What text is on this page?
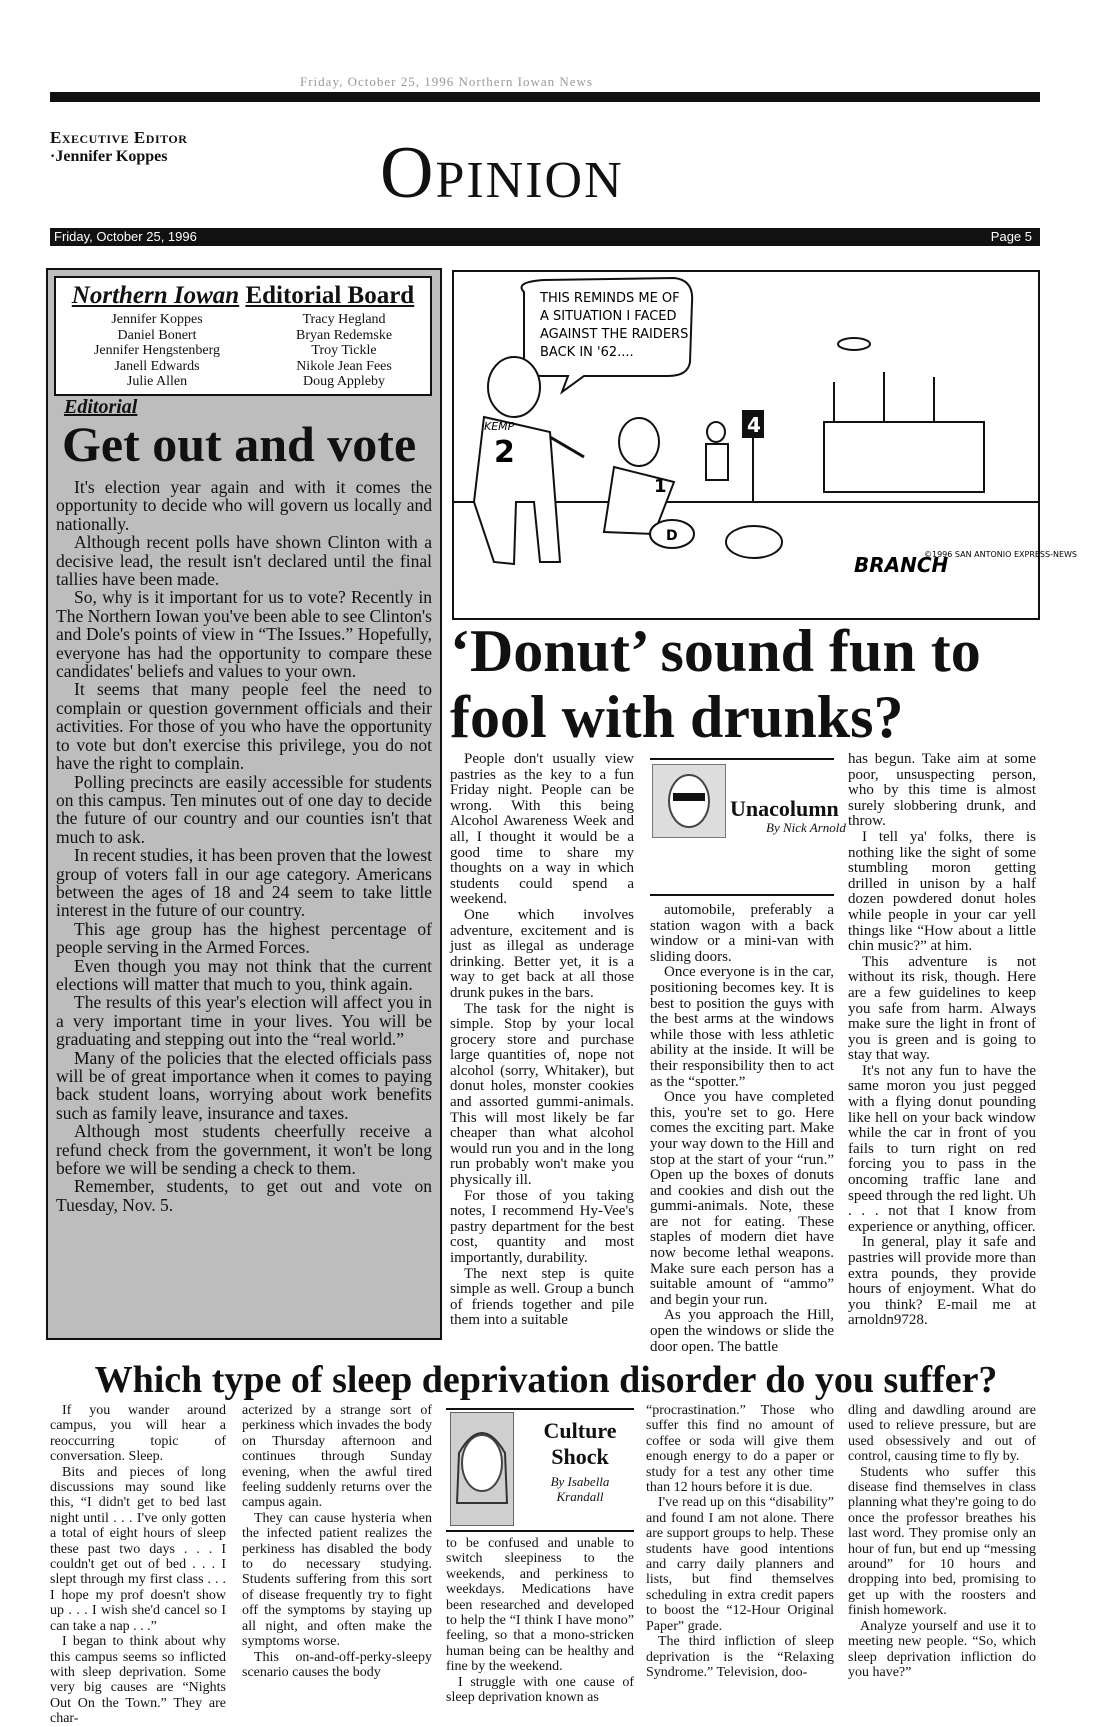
Friday, October 25, 1996 Northern Iowan News
Executive Editor
·Jennifer Koppes	Opinion
Friday, October 25, 1996	Page 5
Northern Iowan Editorial Board
Jennifer Koppes
Daniel Bonert
Jennifer Hengstenberg
Janell Edwards
Julie Allen
Tracy Hegland
Bryan Redemske
Troy Tickle
Nikole Jean Fees
Doug Appleby
Editorial
Get out and vote

It's election year again and with it comes the opportunity to decide who will govern us locally and nationally.

Although recent polls have shown Clinton with a decisive lead, the result isn't declared until the final tallies have been made.

So, why is it important for us to vote? Recently in The Northern Iowan you've been able to see Clinton's and Dole's points of view in “The Issues.” Hopefully, everyone has had the opportunity to compare these candidates' beliefs and values to your own.

It seems that many people feel the need to complain or question government officials and their activities. For those of you who have the opportunity to vote but don't exercise this privilege, you do not have the right to complain.

Polling precincts are easily accessible for students on this campus. Ten minutes out of one day to decide the future of our country and our counties isn't that much to ask.

In recent studies, it has been proven that the lowest group of voters fall in our age category. Americans between the ages of 18 and 24 seem to take little interest in the future of our country.

This age group has the highest percentage of people serving in the Armed Forces.

Even though you may not think that the current elections will matter that much to you, think again.

The results of this year's election will affect you in a very important time in your lives. You will be graduating and stepping out into the “real world.”

Many of the policies that the elected officials pass will be of great importance when it comes to paying back student loans, worrying about work benefits such as family leave, insurance and taxes.

Although most students cheerfully receive a refund check from the government, it won't be long before we will be sending a check to them.

Remember, students, to get out and vote on Tuesday, Nov. 5.

THIS REMINDS ME OF
A SITUATION I FACED
AGAINST THE RAIDERS
BACK IN '62....
2
KEMP
D
1
4
BRANCH
©1996 SAN ANTONIO EXPRESS-NEWS
‘Donut’ sound fun to fool with drunks?

People don't usually view pastries as the key to a fun Friday night. People can be wrong. With this being Alcohol Awareness Week and all, I thought it would be a good time to share my thoughts on a way in which students could spend a weekend.

One which involves adventure, excitement and is just as illegal as underage drinking. Better yet, it is a way to get back at all those drunk pukes in the bars.

The task for the night is simple. Stop by your local grocery store and purchase large quantities of, nope not alcohol (sorry, Whitaker), but donut holes, monster cookies and assorted gummi-animals. This will most likely be far cheaper than what alcohol would run you and in the long run probably won't make you physically ill.

For those of you taking notes, I recommend Hy-Vee's pastry department for the best cost, quantity and most importantly, durability.

The next step is quite simple as well. Group a bunch of friends together and pile them into a suitable

Unacolumn
By Nick Arnold

automobile, preferably a station wagon with a back window or a mini-van with sliding doors.

Once everyone is in the car, positioning becomes key. It is best to position the guys with the best arms at the windows while those with less athletic ability at the inside. It will be their responsibility then to act as the “spotter.”

Once you have completed this, you're set to go. Here comes the exciting part. Make your way down to the Hill and stop at the start of your “run.” Open up the boxes of donuts and cookies and dish out the gummi-animals. Note, these are not for eating. These staples of modern diet have now become lethal weapons. Make sure each person has a suitable amount of “ammo” and begin your run.

As you approach the Hill, open the windows or slide the door open. The battle

has begun. Take aim at some poor, unsuspecting person, who by this time is almost surely slobbering drunk, and throw.

I tell ya' folks, there is nothing like the sight of some stumbling moron getting drilled in unison by a half dozen powdered donut holes while people in your car yell things like “How about a little chin music?” at him.

This adventure is not without its risk, though. Here are a few guidelines to keep you safe from harm. Always make sure the light in front of you is green and is going to stay that way.

It's not any fun to have the same moron you just pegged with a flying donut pounding like hell on your back window while the car in front of you fails to turn right on red forcing you to pass in the oncoming traffic lane and speed through the red light. Uh . . . not that I know from experience or anything, officer.

In general, play it safe and pastries will provide more than extra pounds, they provide hours of enjoyment. What do you think? E-mail me at arnoldn9728.

Which type of sleep deprivation disorder do you suffer?

If you wander around campus, you will hear a reoccurring topic of conversation. Sleep.

Bits and pieces of long discussions may sound like this, “I didn't get to bed last night until . . . I've only gotten a total of eight hours of sleep these past two days . . . I couldn't get out of bed . . . I slept through my first class . . . I hope my prof doesn't show up . . . I wish she'd cancel so I can take a nap . . .”

I began to think about why this campus seems so inflicted with sleep deprivation. Some very big causes are “Nights Out On the Town.” They are char-

acterized by a strange sort of perkiness which invades the body on Thursday afternoon and continues through Sunday evening, when the awful tired feeling suddenly returns over the campus again.

They can cause hysteria when the infected patient realizes the perkiness has disabled the body to do necessary studying. Students suffering from this sort of disease frequently try to fight off the symptoms by staying up all night, and often make the symptoms worse.

This on-and-off-perky-sleepy scenario causes the body

Culture
Shock
By Isabella Krandall

to be confused and unable to switch sleepiness to the weekends, and perkiness to weekdays. Medications have been researched and developed to help the “I think I have mono” feeling, so that a mono-stricken human being can be healthy and fine by the weekend.

I struggle with one cause of sleep deprivation known as

“procrastination.” Those who suffer this find no amount of coffee or soda will give them enough energy to do a paper or study for a test any other time than 12 hours before it is due.

I've read up on this “disability” and found I am not alone. There are support groups to help. These students have good intentions and carry daily planners and lists, but find themselves scheduling in extra credit papers to boost the “12-Hour Original Paper” grade.

The third infliction of sleep deprivation is the “Relaxing Syndrome.” Television, doo-

dling and dawdling around are used to relieve pressure, but are used obsessively and out of control, causing time to fly by.

Students who suffer this disease find themselves in class planning what they're going to do once the professor breathes his last word. They promise only an hour of fun, but end up “messing around” for 10 hours and dropping into bed, promising to get up with the roosters and finish homework.

Analyze yourself and use it to meeting new people. “So, which sleep deprivation infliction do you have?”
